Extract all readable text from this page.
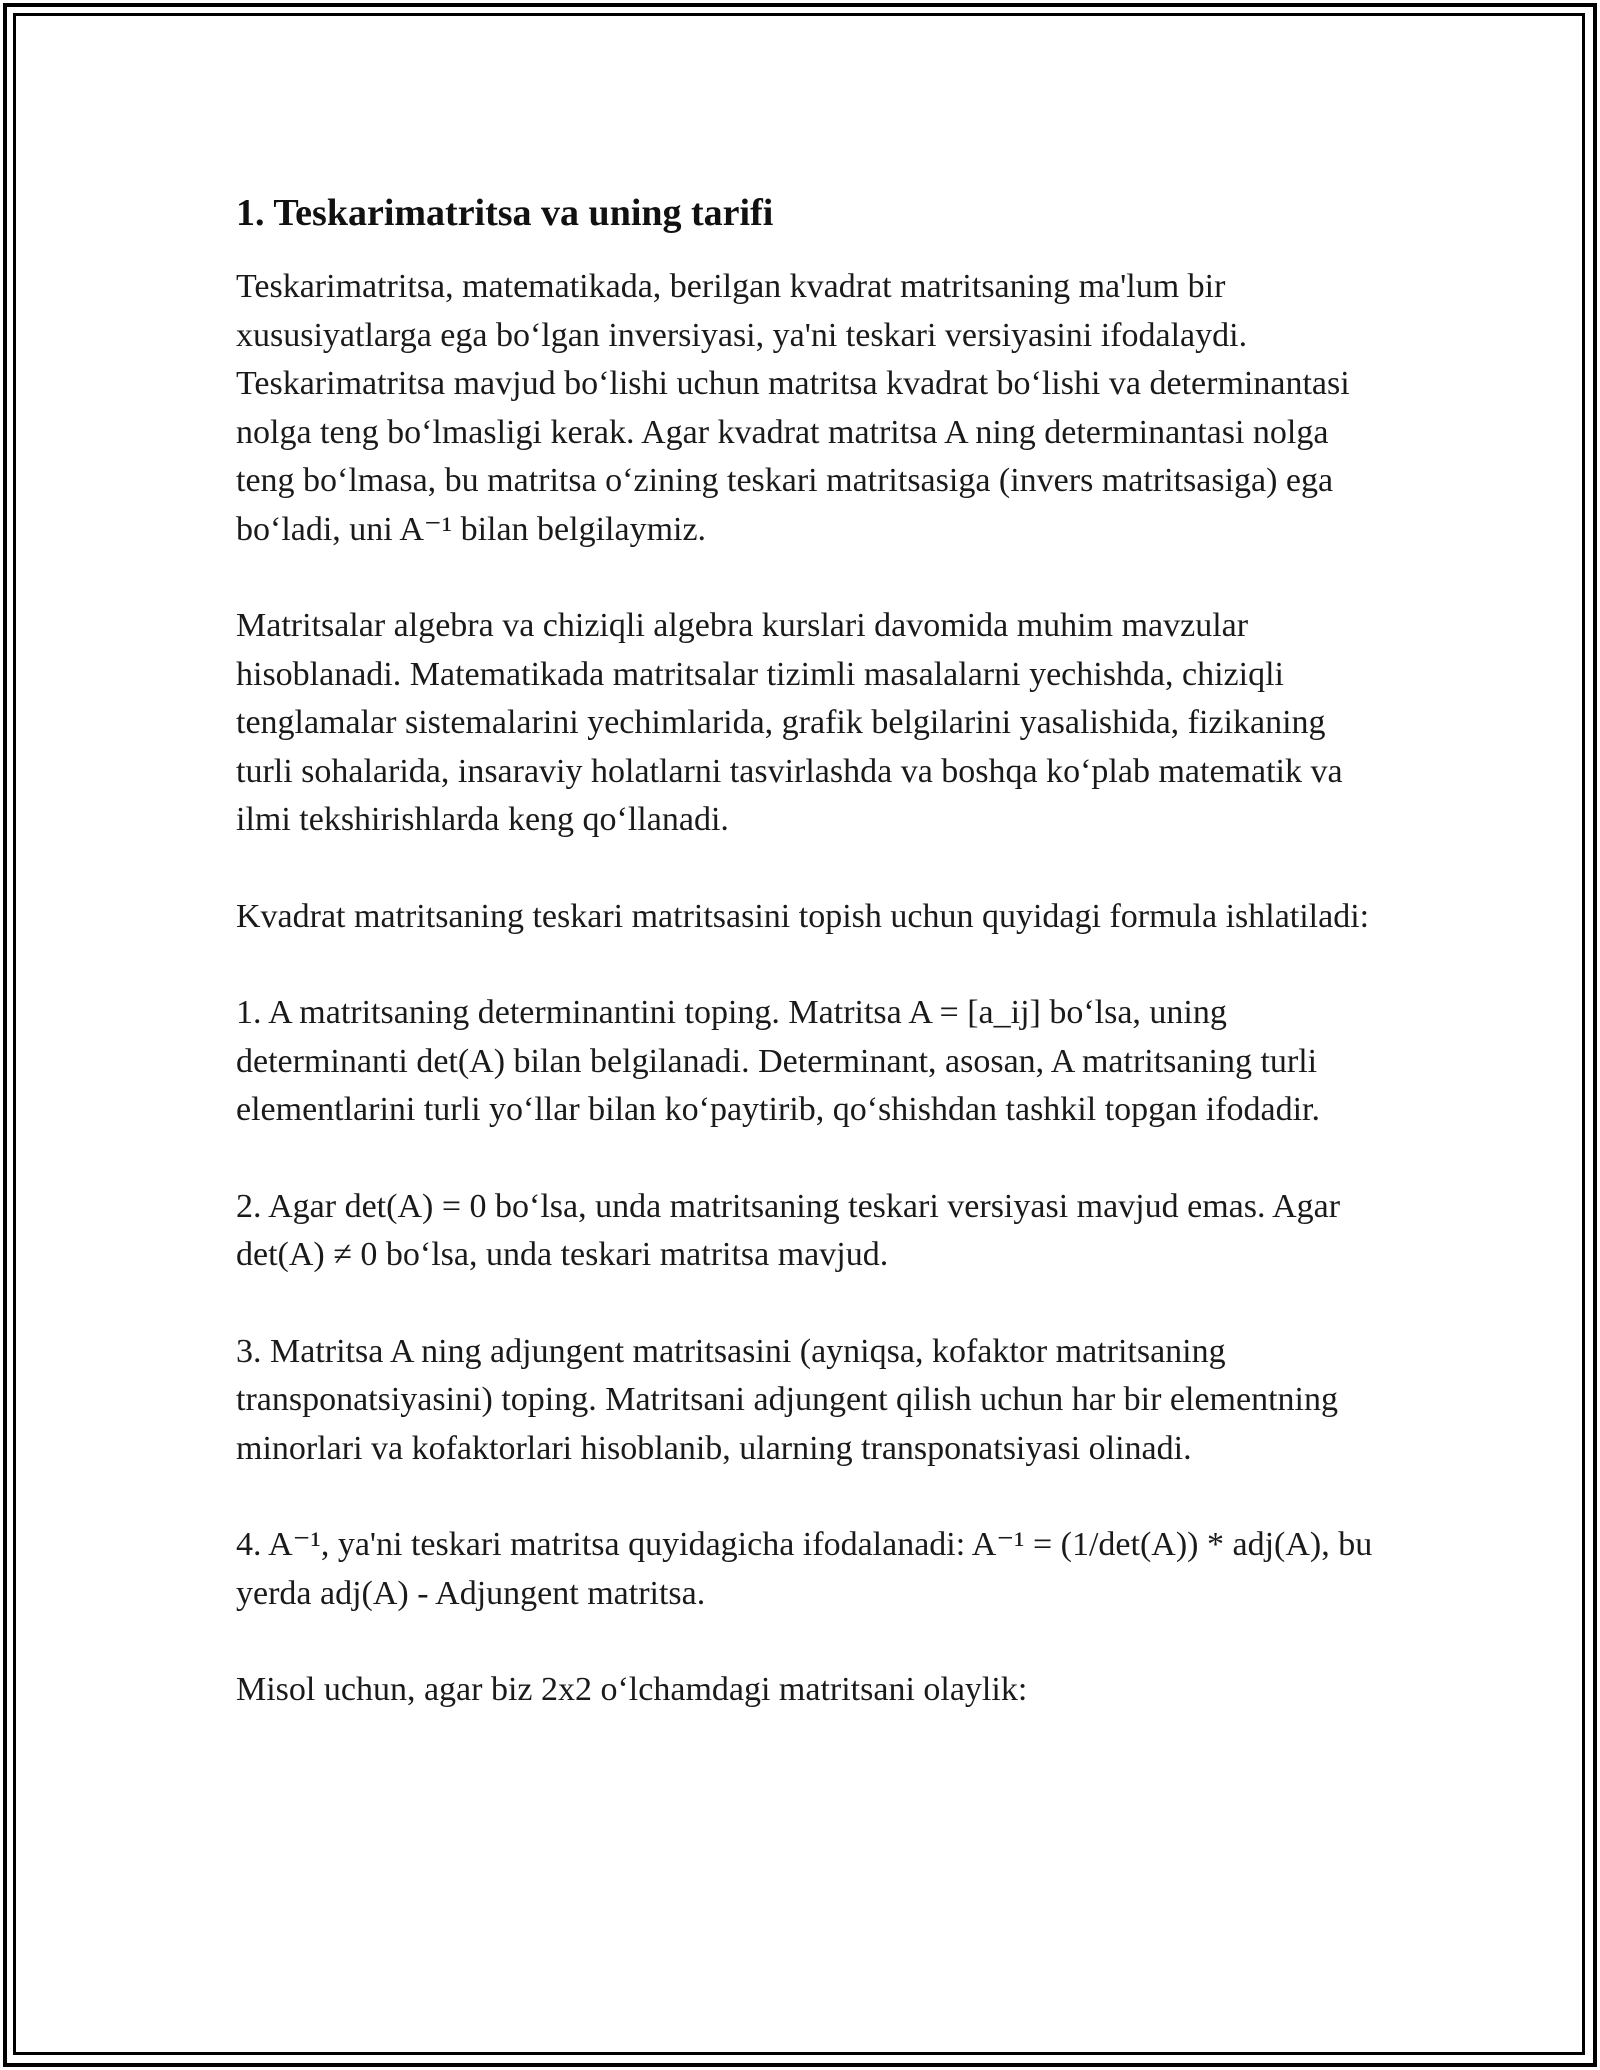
1. Teskarimatritsa va uning tarifi

Teskarimatritsa, matematikada, berilgan kvadrat matritsaning ma'lum bir xususiyatlarga ega bo‘lgan inversiyasi, ya'ni teskari versiyasini ifodalaydi. Teskarimatritsa mavjud bo‘lishi uchun matritsa kvadrat bo‘lishi va determinantasi nolga teng bo‘lmasligi kerak. Agar kvadrat matritsa A ning determinantasi nolga teng bo‘lmasa, bu matritsa o‘zining teskari matritsasiga (invers matritsasiga) ega bo‘ladi, uni A⁻¹ bilan belgilaymiz.

Matritsalar algebra va chiziqli algebra kurslari davomida muhim mavzular hisoblanadi. Matematikada matritsalar tizimli masalalarni yechishda, chiziqli tenglamalar sistemalarini yechimlarida, grafik belgilarini yasalishida, fizikaning turli sohalarida, insaraviy holatlarni tasvirlashda va boshqa ko‘plab matematik va ilmi tekshirishlarda keng qo‘llanadi.

Kvadrat matritsaning teskari matritsasini topish uchun quyidagi formula ishlatiladi:

1. A matritsaning determinantini toping. Matritsa A = [a_ij] bo‘lsa, uning determinanti det(A) bilan belgilanadi. Determinant, asosan, A matritsaning turli elementlarini turli yo‘llar bilan ko‘paytirib, qo‘shishdan tashkil topgan ifodadir.

2. Agar det(A) = 0 bo‘lsa, unda matritsaning teskari versiyasi mavjud emas. Agar det(A) ≠ 0 bo‘lsa, unda teskari matritsa mavjud.

3. Matritsa A ning adjungent matritsasini (ayniqsa, kofaktor matritsaning transponatsiyasini) toping. Matritsani adjungent qilish uchun har bir elementning minorlari va kofaktorlari hisoblanib, ularning transponatsiyasi olinadi.

4. A⁻¹, ya'ni teskari matritsa quyidagicha ifodalanadi: A⁻¹ = (1/det(A)) * adj(A), bu yerda adj(A) - Adjungent matritsa.

Misol uchun, agar biz 2x2 o‘lchamdagi matritsani olaylik:
